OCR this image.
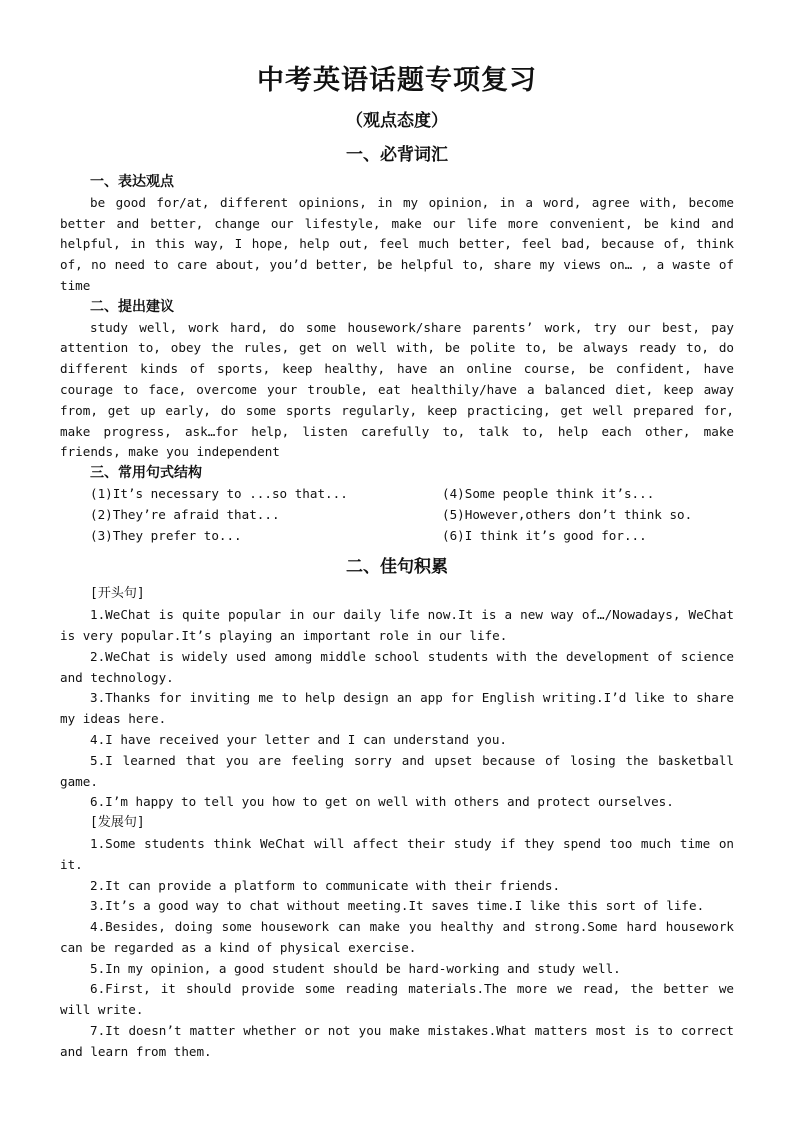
中考英语话题专项复习

（观点态度）

一、必背词汇
一、表达观点

be good for/at, different opinions, in my opinion, in a word, agree with, become better and better, change our lifestyle, make our life more convenient, be kind and helpful, in this way, I hope, help out, feel much better, feel bad, because of, think of, no need to care about, you’d better, be helpful to, share my views on… , a waste of time

二、提出建议

study well, work hard, do some housework/share parents’ work, try our best, pay attention to, obey the rules, get on well with, be polite to, be always ready to, do different kinds of sports, keep healthy, have an online course, be confident, have courage to face, overcome your trouble, eat healthily/have a balanced diet, keep away from, get up early, do some sports regularly, keep practicing, get well prepared for, make progress, ask…for help, listen carefully to, talk to, help each other, make friends, make you independent

三、常用句式结构
(1)It’s necessary to ...so that...	(4)Some people think it’s...
(2)They’re afraid that...	(5)However,others don’t think so.
(3)They prefer to...	(6)I think it’s good for...
二、佳句积累

[开头句]

1.WeChat is quite popular in our daily life now.It is a new way of…/Nowadays, WeChat is very popular.It’s playing an important role in our life.

2.WeChat is widely used among middle school students with the development of science and technology.

3.Thanks for inviting me to help design an app for English writing.I’d like to share my ideas here.

4.I have received your letter and I can understand you.

5.I learned that you are feeling sorry and upset because of losing the basketball game.

6.I’m happy to tell you how to get on well with others and protect ourselves.

[发展句]

1.Some students think WeChat will affect their study if they spend too much time on it.

2.It can provide a platform to communicate with their friends.

3.It’s a good way to chat without meeting.It saves time.I like this sort of life.

4.Besides, doing some housework can make you healthy and strong.Some hard housework can be regarded as a kind of physical exercise.

5.In my opinion, a good student should be hard-working and study well.

6.First, it should provide some reading materials.The more we read, the better we will write.

7.It doesn’t matter whether or not you make mistakes.What matters most is to correct and learn from them.
